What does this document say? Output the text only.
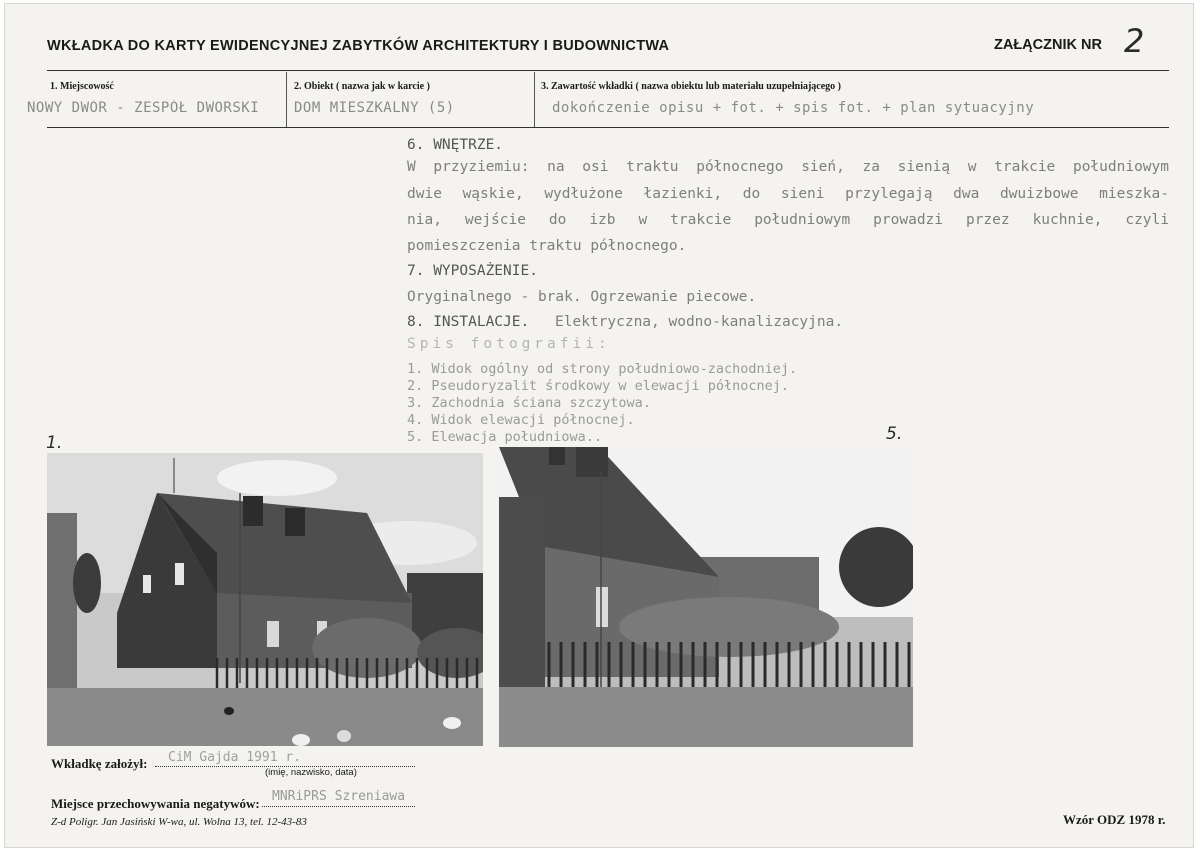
WKŁADKA DO KARTY EWIDENCYJNEJ ZABYTKÓW ARCHITEKTURY I BUDOWNICTWA	ZAŁĄCZNIK NR 2
1. Miejscowość	2. Obiekt ( nazwa jak w karcie )	3. Zawartość wkładki ( nazwa obiektu lub materiału uzupełniającego )
NOWY DWÓR - ZESPÓŁ DWORSKI	DOM MIESZKALNY (5)	dokończenie opisu + fot. + spis fot. + plan sytuacyjny
6. WNĘTRZE.
W przyziemiu: na osi traktu północnego sień, za sienią w trakcie południowym
dwie wąskie, wydłużone łazienki, do sieni przylegają dwa dwuizbowe mieszka-
nia, wejście do izb w trakcie południowym prowadzi przez kuchnie, czyli
pomieszczenia traktu północnego.
7. WYPOSAŻENIE.
Oryginalnego - brak. Ogrzewanie piecowe.
8. INSTALACJE. Elektryczna, wodno-kanalizacyjna.
Spis fotografii:
1. Widok ogólny od strony południowo-zachodniej.
2. Pseudoryzalit środkowy w elewacji północnej.
3. Zachodnia ściana szczytowa.
4. Widok elewacji północnej.
5. Elewacja południowa..
1.	5.
Wkładkę założył: CiM Gajda 1991 r.
(imię, nazwisko, data)
Miejsce przechowywania negatywów: MNRiPRS Szreniawa
Z-d Poligr. Jan Jasiński W-wa, ul. Wolna 13, tel. 12-43-83	Wzór ODZ 1978 r.
